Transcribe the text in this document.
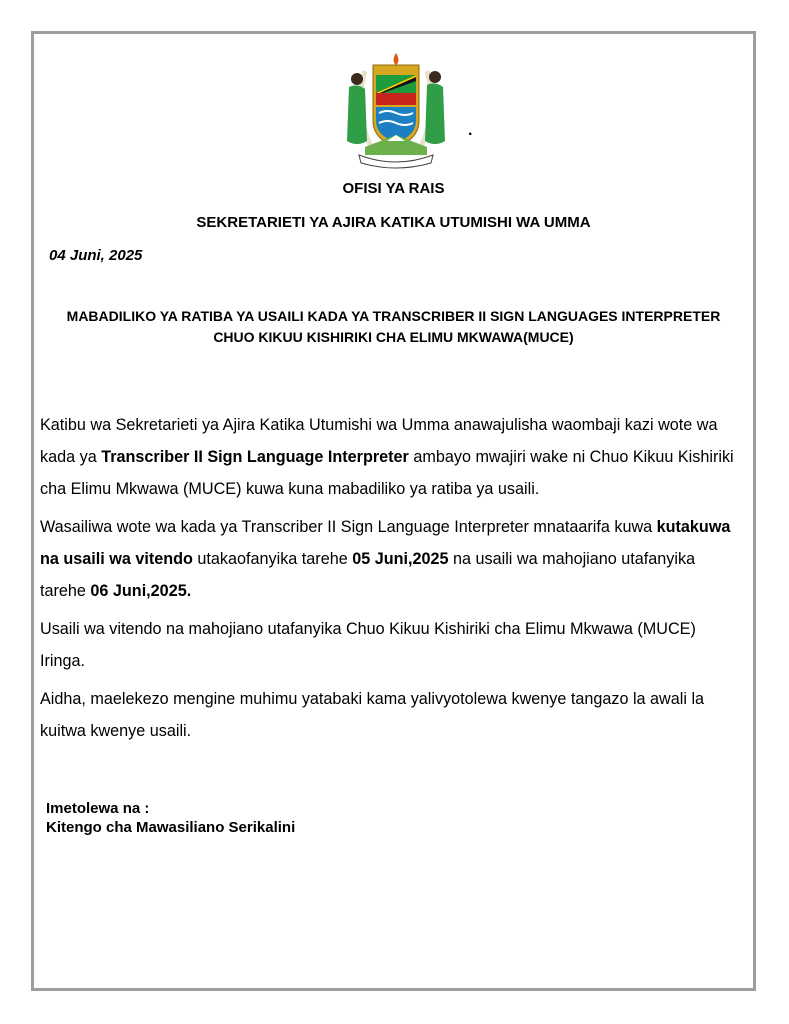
.
OFISI YA RAIS
SEKRETARIETI YA AJIRA KATIKA UTUMISHI WA UMMA
04 Juni, 2025
MABADILIKO YA RATIBA YA USAILI KADA YA TRANSCRIBER II SIGN LANGUAGES INTERPRETER
CHUO KIKUU KISHIRIKI CHA ELIMU MKWAWA(MUCE)

Katibu wa Sekretarieti ya Ajira Katika Utumishi wa Umma anawajulisha waombaji kazi wote wa kada ya Transcriber II Sign Language Interpreter ambayo mwajiri wake ni Chuo Kikuu Kishiriki cha Elimu Mkwawa (MUCE) kuwa kuna mabadiliko ya ratiba ya usaili.

Wasailiwa wote wa kada ya Transcriber II Sign Language Interpreter mnataarifa kuwa kutakuwa na usaili wa vitendo utakaofanyika tarehe 05 Juni,2025 na usaili wa mahojiano utafanyika tarehe 06 Juni,2025.

Usaili wa vitendo na mahojiano utafanyika Chuo Kikuu Kishiriki cha Elimu Mkwawa (MUCE) Iringa.

Aidha, maelekezo mengine muhimu yatabaki kama yalivyotolewa kwenye tangazo la awali la kuitwa kwenye usaili.

Imetolewa na :
Kitengo cha Mawasiliano Serikalini
